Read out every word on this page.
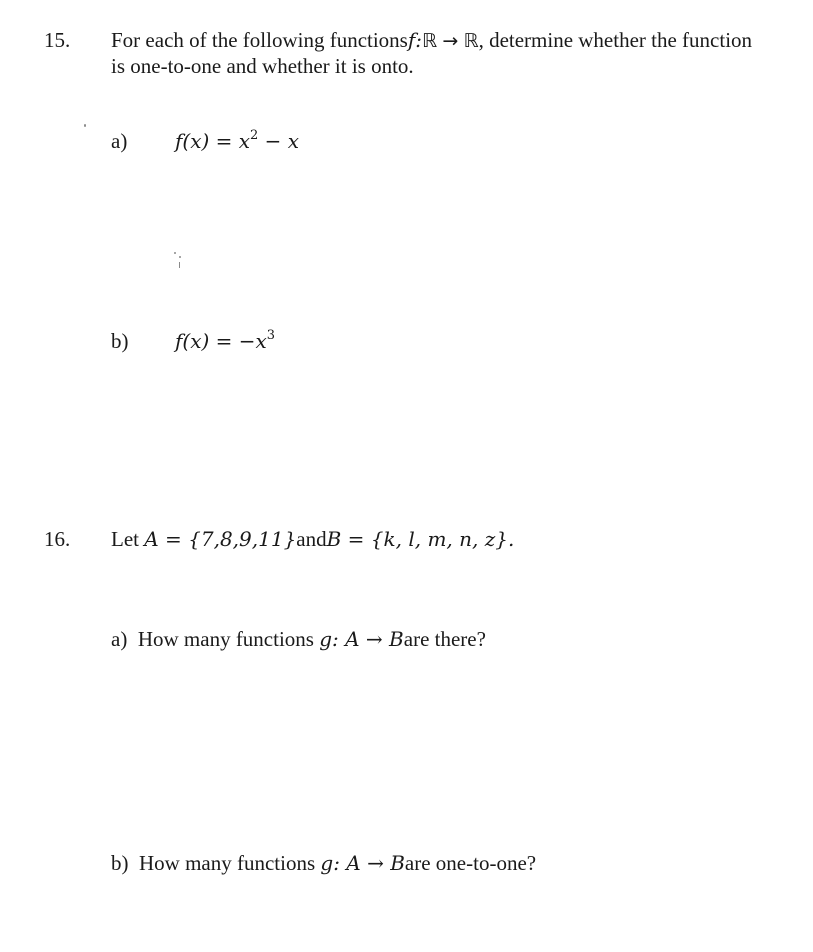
15. For each of the following functionsf:ℝ → ℝ, determine whether the function
is one-to-one and whether it is onto.
a) $f(x) = x^2 - x$
b) $f(x) = -x^3$
16. Let A = {7,8,9,11}andB = {k, l, m, n, z}.
a) How many functions g: A → Bare there?
b) How many functions g: A → Bare one-to-one?
